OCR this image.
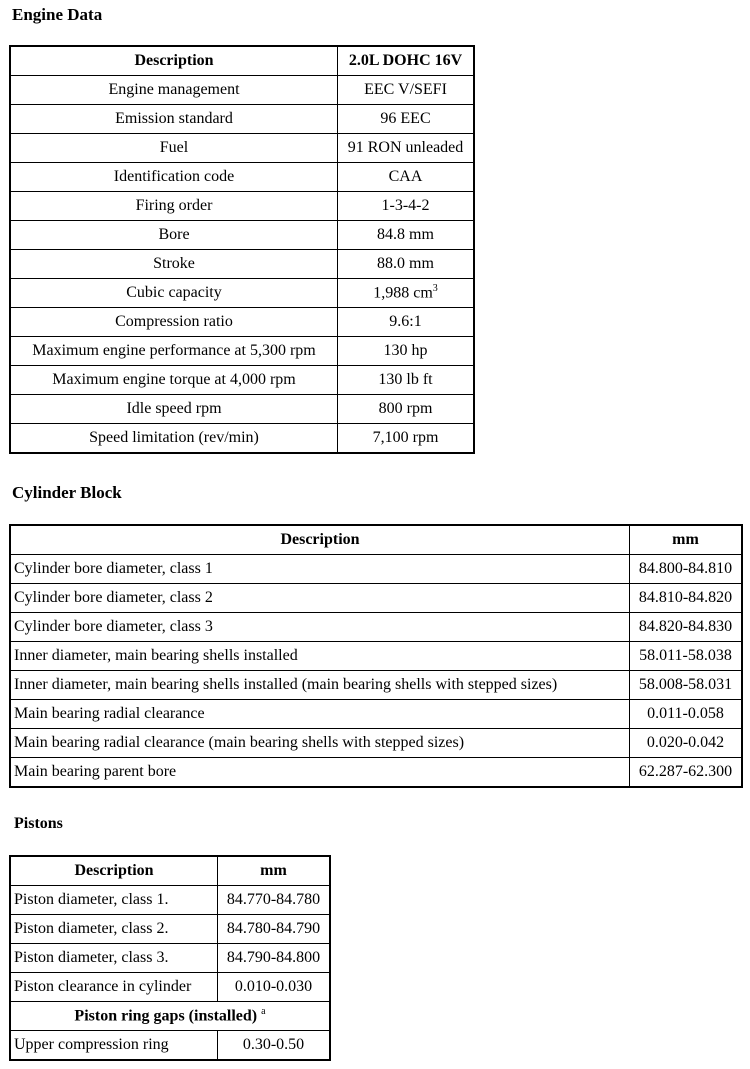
Engine Data
Description	2.0L DOHC 16V
Engine management	EEC V/SEFI
Emission standard	96 EEC
Fuel	91 RON unleaded
Identification code	CAA
Firing order	1-3-4-2
Bore	84.8 mm
Stroke	88.0 mm
Cubic capacity	1,988 $cm^3$
Compression ratio	9.6:1
Maximum engine performance at 5,300 rpm	130 hp
Maximum engine torque at 4,000 rpm	130 lb ft
Idle speed rpm	800 rpm
Speed limitation (rev/min)	7,100 rpm
Cylinder Block
Description	mm
Cylinder bore diameter, class 1	84.800-84.810
Cylinder bore diameter, class 2	84.810-84.820
Cylinder bore diameter, class 3	84.820-84.830
Inner diameter, main bearing shells installed	58.011-58.038
Inner diameter, main bearing shells installed (main bearing shells with stepped sizes)	58.008-58.031
Main bearing radial clearance	0.011-0.058
Main bearing radial clearance (main bearing shells with stepped sizes)	0.020-0.042
Main bearing parent bore	62.287-62.300
Pistons
Description	mm
Piston diameter, class 1.	84.770-84.780
Piston diameter, class 2.	84.780-84.790
Piston diameter, class 3.	84.790-84.800
Piston clearance in cylinder	0.010-0.030
Piston ring gaps (installed) $^a$
Upper compression ring	0.30-0.50
